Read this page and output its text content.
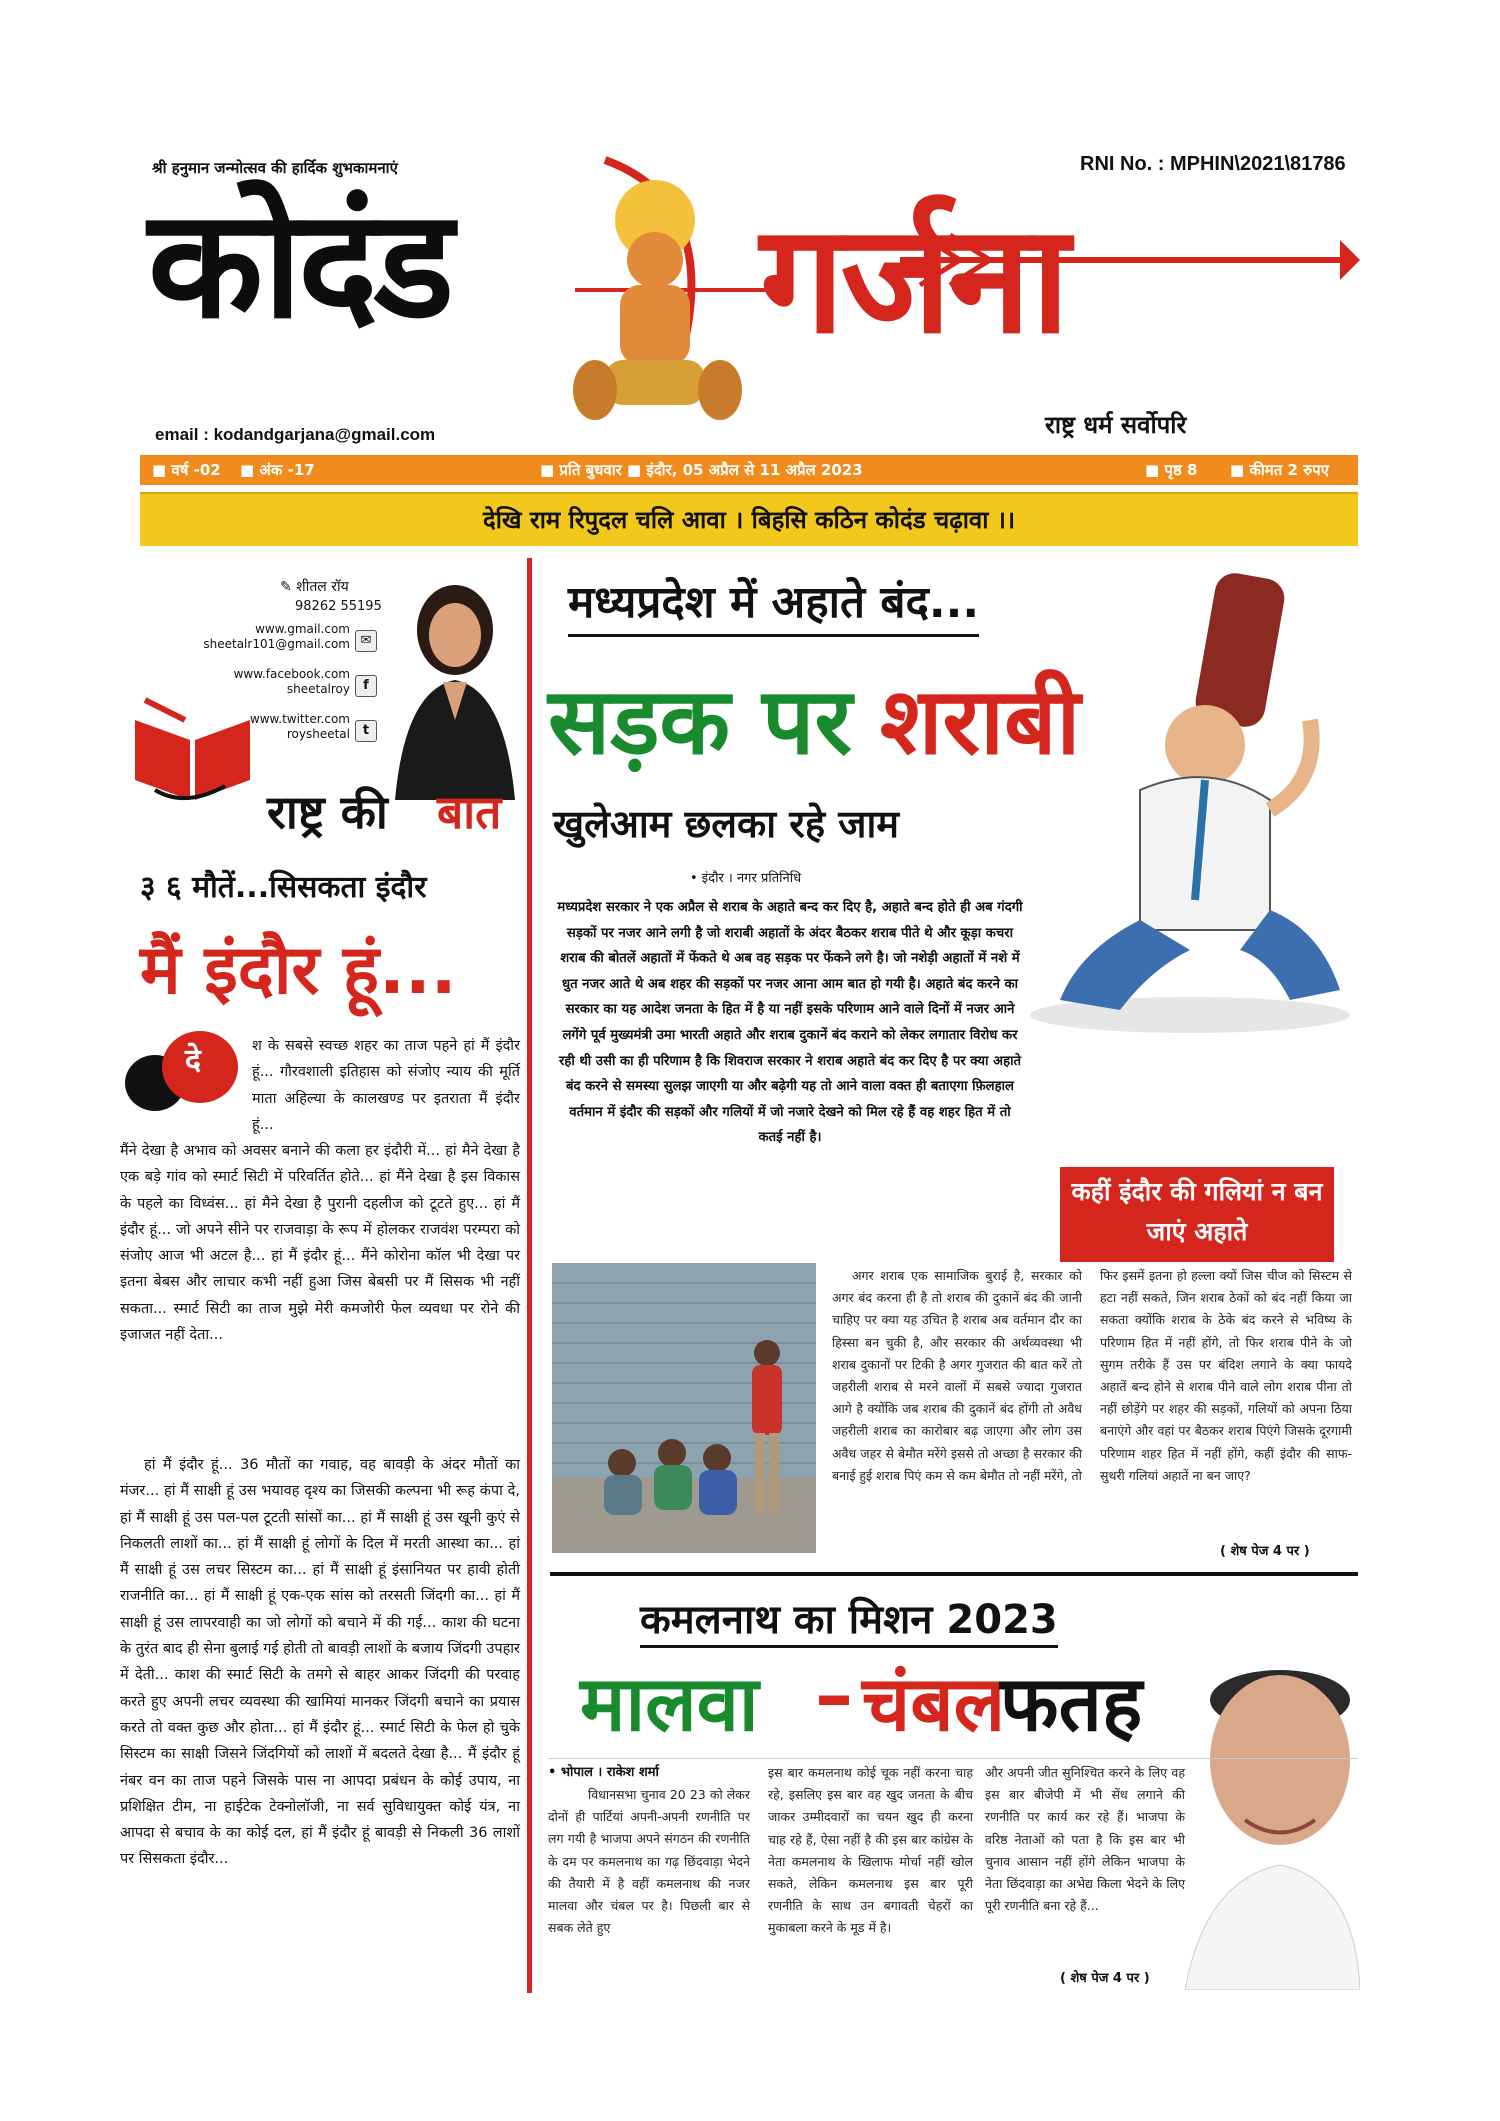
श्री हनुमान जन्मोत्सव की हार्दिक शुभकामनाएं	RNI No. : MPHIN\2021\81786
कोदंड गर्जना
राष्ट्र धर्म सर्वोपरि
email : kodandgarjana@gmail.com
■ वर्ष -02 ■ अंक -17	■ प्रति बुधवार ■ इंदौर, 05 अप्रैल से 11 अप्रैल 2023	■ पृष्ठ 8 ■ कीमत 2 रुपए
देखि राम रिपुदल चलि आवा । बिहसि कठिन कोदंड चढ़ावा ।।
✎ शीतल रॉय
98262 55195
www.gmail.com
sheetalr101@gmail.com ✉
www.facebook.com
sheetalroy	f
www.twitter.com
roysheetal t
राष्ट्र की बात
३ ६ मौतें...सिसकता इंदौर
मैं इंदौर हूं...
दे	श के सबसे स्वच्छ शहर का ताज पहने हां मैं इंदौर हूं... गौरवशाली इतिहास को संजोए न्याय की मूर्ति माता अहिल्या के कालखण्ड पर इतराता मैं इंदौर हूं...
मैंने देखा है अभाव को अवसर बनाने की कला हर इंदौरी में... हां मैने देखा है एक बड़े गांव को स्मार्ट सिटी में परिवर्तित होते... हां मैंने देखा है इस विकास के पहले का विध्वंस... हां मैने देखा है पुरानी दहलीज को टूटते हुए... हां मैं इंदौर हूं... जो अपने सीने पर राजवाड़ा के रूप में होलकर राजवंश परम्परा को संजोए आज भी अटल है... हां मैं इंदौर हूं... मैंने कोरोना कॉल भी देखा पर इतना बेबस और लाचार कभी नहीं हुआ जिस बेबसी पर मैं सिसक भी नहीं सकता... स्मार्ट सिटी का ताज मुझे मेरी कमजोरी फेल व्यवधा पर रोने की इजाजत नहीं देता...
हां मैं इंदौर हूं... 36 मौतों का गवाह, वह बावड़ी के अंदर मौतों का मंजर... हां मैं साक्षी हूं उस भयावह दृश्य का जिसकी कल्पना भी रूह कंपा दे, हां मैं साक्षी हूं उस पल-पल टूटती सांसों का... हां मैं साक्षी हूं उस खूनी कुएं से निकलती लाशों का... हां मैं साक्षी हूं लोगों के दिल में मरती आस्था का... हां मैं साक्षी हूं उस लचर सिस्टम का... हां मैं साक्षी हूं इंसानियत पर हावी होती राजनीति का... हां मैं साक्षी हूं एक-एक सांस को तरसती जिंदगी का... हां मैं साक्षी हूं उस लापरवाही का जो लोगों को बचाने में की गई... काश की घटना के तुरंत बाद ही सेना बुलाई गई होती तो बावड़ी लाशों के बजाय जिंदगी उपहार में देती... काश की स्मार्ट सिटी के तमगे से बाहर आकर जिंदगी की परवाह करते हुए अपनी लचर व्यवस्था की खामियां मानकर जिंदगी बचाने का प्रयास करते तो वक्त कुछ और होता... हां मैं इंदौर हूं... स्मार्ट सिटी के फेल हो चुके सिस्टम का साक्षी जिसने जिंदगियों को लाशों में बदलते देखा है... मैं इंदौर हूं नंबर वन का ताज पहने जिसके पास ना आपदा प्रबंधन के कोई उपाय, ना प्रशिक्षित टीम, ना हाईटेक टेक्नोलॉजी, ना सर्व सुविधायुक्त कोई यंत्र, ना आपदा से बचाव के का कोई दल, हां मैं इंदौर हूं बावड़ी से निकली 36 लाशों पर सिसकता इंदौर...
मध्यप्रदेश में अहाते बंद...
सड़क पर शराबी
खुलेआम छलका रहे जाम
• इंदौर । नगर प्रतिनिधि
मध्यप्रदेश सरकार ने एक अप्रैल से शराब के अहाते बन्द कर दिए है, अहाते बन्द होते ही अब गंदगी सड़कों पर नजर आने लगी है जो शराबी अहातों के अंदर बैठकर शराब पीते थे और कूड़ा कचरा शराब की बोतलें अहातों में फेंकते थे अब वह सड़क पर फेंकने लगे है। जो नशेड़ी अहातों में नशे में धुत नजर आते थे अब शहर की सड़कों पर नजर आना आम बात हो गयी है। अहाते बंद करने का सरकार का यह आदेश जनता के हित में है या नहीं इसके परिणाम आने वाले दिनों में नजर आने लगेंगे पूर्व मुख्यमंत्री उमा भारती अहाते और शराब दुकानें बंद कराने को लेकर लगातार विरोध कर रही थी उसी का ही परिणाम है कि शिवराज सरकार ने शराब अहाते बंद कर दिए है पर क्या अहाते बंद करने से समस्या सुलझ जाएगी या और बढ़ेगी यह तो आने वाला वक्त ही बताएगा फ़िलहाल वर्तमान में इंदौर की सड़कों और गलियों में जो नजारे देखने को मिल रहे हैं वह शहर हित में तो कतई नहीं है।
कहीं इंदौर की गलियां न बन जाएं अहाते
अगर शराब एक सामाजिक बुराई है, सरकार को अगर बंद करना ही है तो शराब की दुकानें बंद की जानी चाहिए पर क्या यह उचित है शराब अब वर्तमान दौर का हिस्सा बन चुकी है, और सरकार की अर्थव्यवस्था भी शराब दुकानों पर टिकी है अगर गुजरात की बात करें तो जहरीली शराब से मरने वालों में सबसे ज्यादा गुजरात आगे है क्योंकि जब शराब की दुकानें बंद होंगी तो अवैध जहरीली शराब का कारोबार बढ़ जाएगा और लोग उस अवैध जहर से बेमौत मरेंगे इससे तो अच्छा है सरकार की बनाई हुई शराब पिएं कम से कम बेमौत तो नहीं मरेंगे, तो
फिर इसमें इतना हो हल्ला क्यों जिस चीज को सिस्टम से हटा नहीं सकते, जिन शराब ठेकों को बंद नहीं किया जा सकता क्योंकि शराब के ठेके बंद करने से भविष्य के परिणाम हित में नहीं होंगे, तो फिर शराब पीने के जो सुगम तरीके हैं उस पर बंदिश लगाने के क्या फायदे अहातें बन्द होने से शराब पीने वाले लोग शराब पीना तो नहीं छोड़ेंगे पर शहर की सड़कों, गलियों को अपना ठिया बनाएंगे और वहां पर बैठकर शराब पिएंगे जिसके दूरगामी परिणाम शहर हित में नहीं होंगे, कहीं इंदौर की साफ-सुथरी गलियां अहातें ना बन जाए?
( शेष पेज 4 पर )
कमलनाथ का मिशन 2023
मालवा – चंबल
फतह
• भोपाल । राकेश शर्मा
विधानसभा चुनाव 20 23 को लेकर दोनों ही पार्टियां अपनी-अपनी रणनीति पर लग गयी है भाजपा अपने संगठन की रणनीति के दम पर कमलनाथ का गढ़ छिंदवाड़ा भेदने की तैयारी में है वहीं कमलनाथ की नजर मालवा और चंबल पर है। पिछली बार से सबक लेते हुए
इस बार कमलनाथ कोई चूक नहीं करना चाह रहे, इसलिए इस बार वह खुद जनता के बीच जाकर उम्मीदवारों का चयन खुद ही करना चाह रहे हैं, ऐसा नहीं है की इस बार कांग्रेस के नेता कमलनाथ के खिलाफ मोर्चा नहीं खोल सकते, लेकिन कमलनाथ इस बार पूरी रणनीति के साथ उन बगावती चेहरों का मुकाबला करने के मूड में है।
और अपनी जीत सुनिश्चित करने के लिए वह इस बार बीजेपी में भी सेंध लगाने की रणनीति पर कार्य कर रहे हैं। भाजपा के वरिष्ठ नेताओं को पता है कि इस बार भी चुनाव आसान नहीं होंगे लेकिन भाजपा के नेता छिंदवाड़ा का अभेद्य किला भेदने के लिए पूरी रणनीति बना रहे हैं...
( शेष पेज 4 पर )
